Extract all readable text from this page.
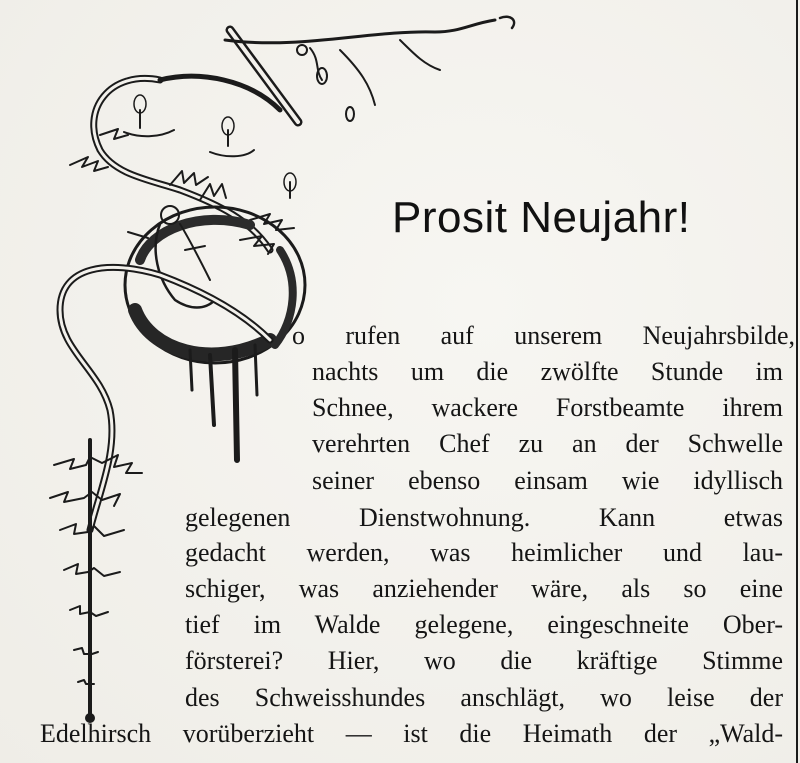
Prosit Neujahr!
o rufen auf unserem Neujahrsbilde,
nachts um die zwölfte Stunde im
Schnee, wackere Forstbeamte ihrem
verehrten Chef zu an der Schwelle
seiner ebenso einsam wie idyllisch
gelegenen Dienstwohnung. Kann etwas
gedacht werden, was heimlicher und lau-
schiger, was anziehender wäre, als so eine
tief im Walde gelegene, eingeschneite Ober-
försterei? Hier, wo die kräftige Stimme
des Schweisshundes anschlägt, wo leise der
Edelhirsch vorüberzieht — ist die Heimath der „Wald-
